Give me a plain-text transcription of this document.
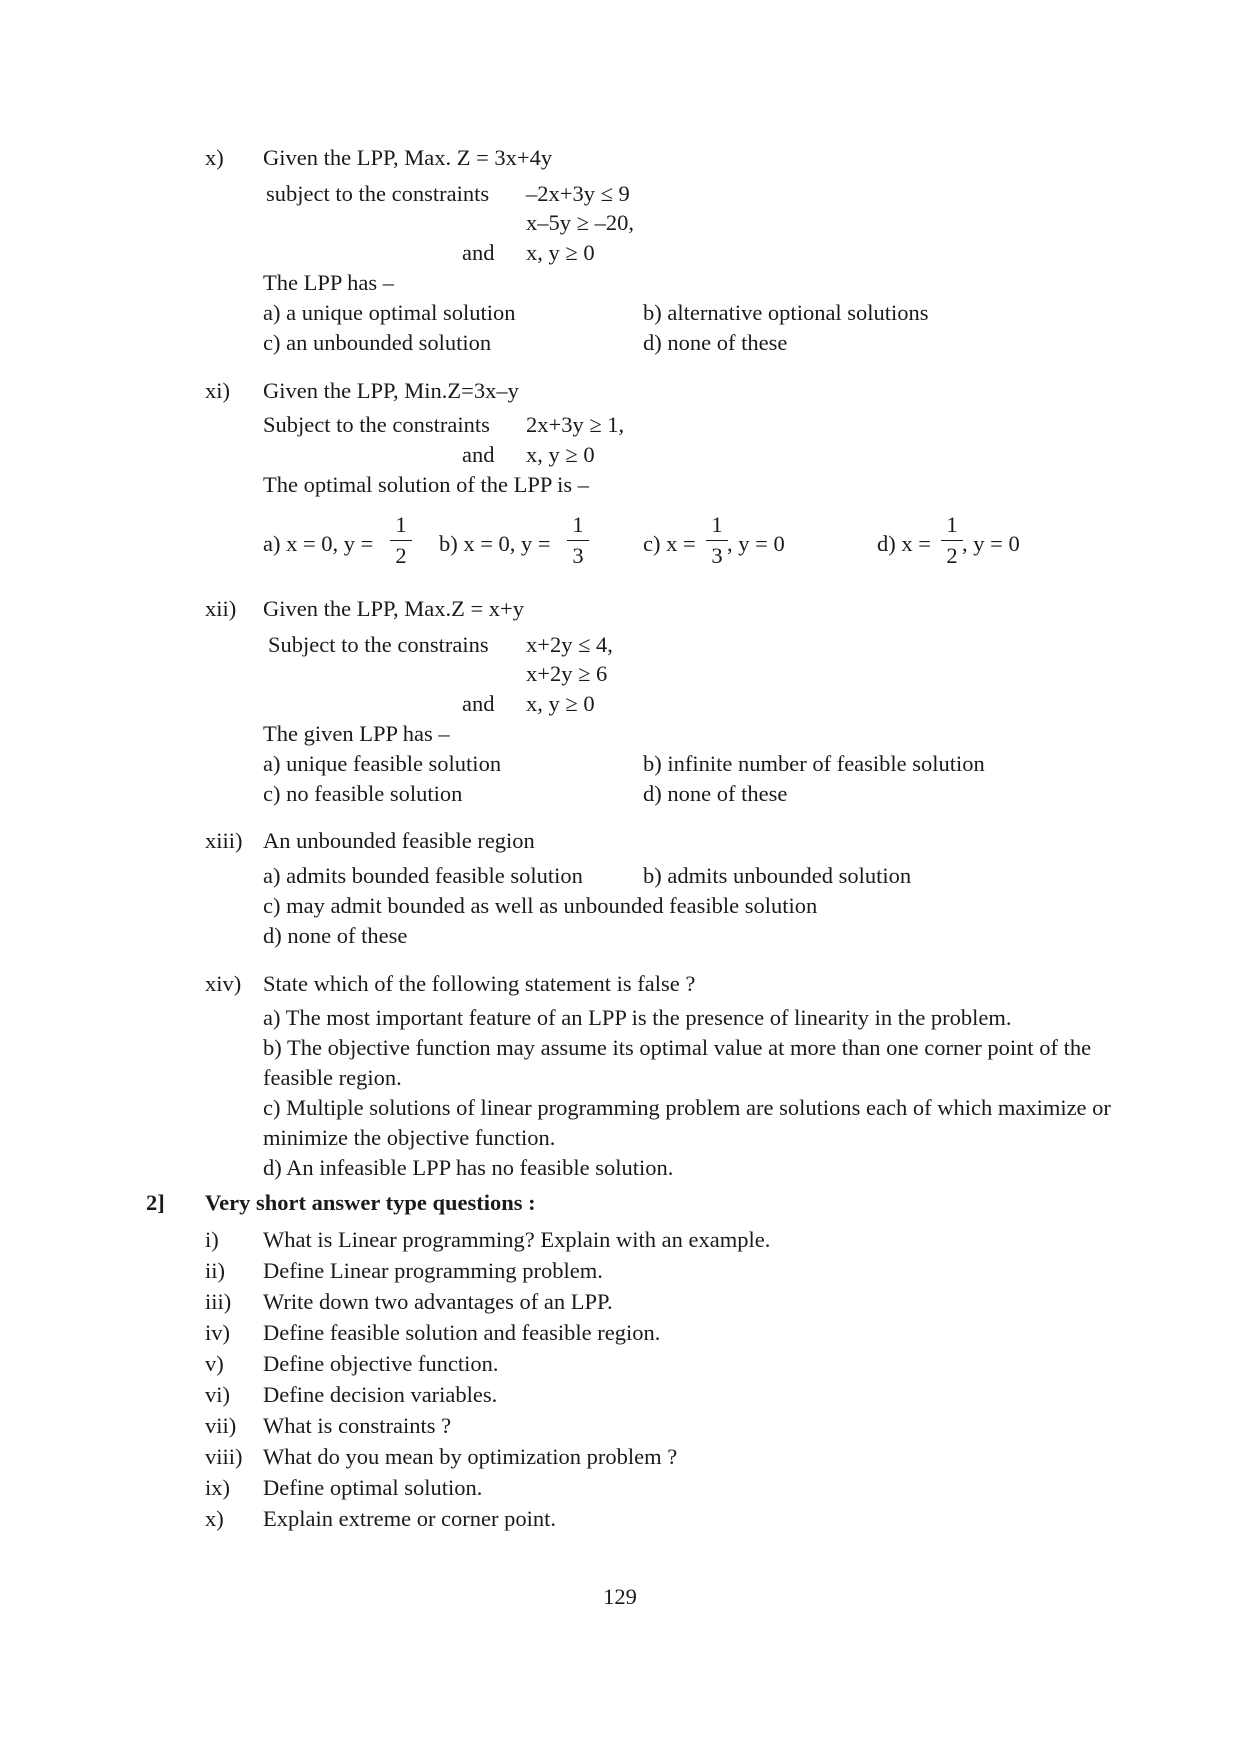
x) Given the LPP, Max. Z = 3x+4y
subject to the constraints –2x+3y ≤ 9
x–5y ≥ –20,
and x, y ≥ 0
The LPP has –
a) a unique optimal solution	b) alternative optional solutions
c) an unbounded solution	d) none of these
xi) Given the LPP, Min.Z=3x–y
Subject to the constraints 2x+3y ≥ 1,
and x, y ≥ 0
The optimal solution of the LPP is –
a) x = 0, y =
1
2 b) x = 0, y =
1
3	c) x =
1
3 , y = 0	d) x =
1
2 , y = 0
xii) Given the LPP, Max.Z = x+y
Subject to the constrains x+2y ≤ 4,
x+2y ≥ 6
and x, y ≥ 0
The given LPP has –
a) unique feasible solution	b) infinite number of feasible solution
c) no feasible solution	d) none of these
xiii) An unbounded feasible region
a) admits bounded feasible solution	b) admits unbounded solution
c) may admit bounded as well as unbounded feasible solution
d) none of these
xiv) State which of the following statement is false ?
a) The most important feature of an LPP is the presence of linearity in the problem.
b) The objective function may assume its optimal value at more than one corner point of the
feasible region.
c) Multiple solutions of linear programming problem are solutions each of which maximize or
minimize the objective function.
d) An infeasible LPP has no feasible solution.
2] Very short answer type questions :
i) What is Linear programming? Explain with an example.
ii) Define Linear programming problem.
iii) Write down two advantages of an LPP.
iv) Define feasible solution and feasible region.
v) Define objective function.
vi) Define decision variables.
vii) What is constraints ?
viii) What do you mean by optimization problem ?
ix) Define optimal solution.
x) Explain extreme or corner point.
129
